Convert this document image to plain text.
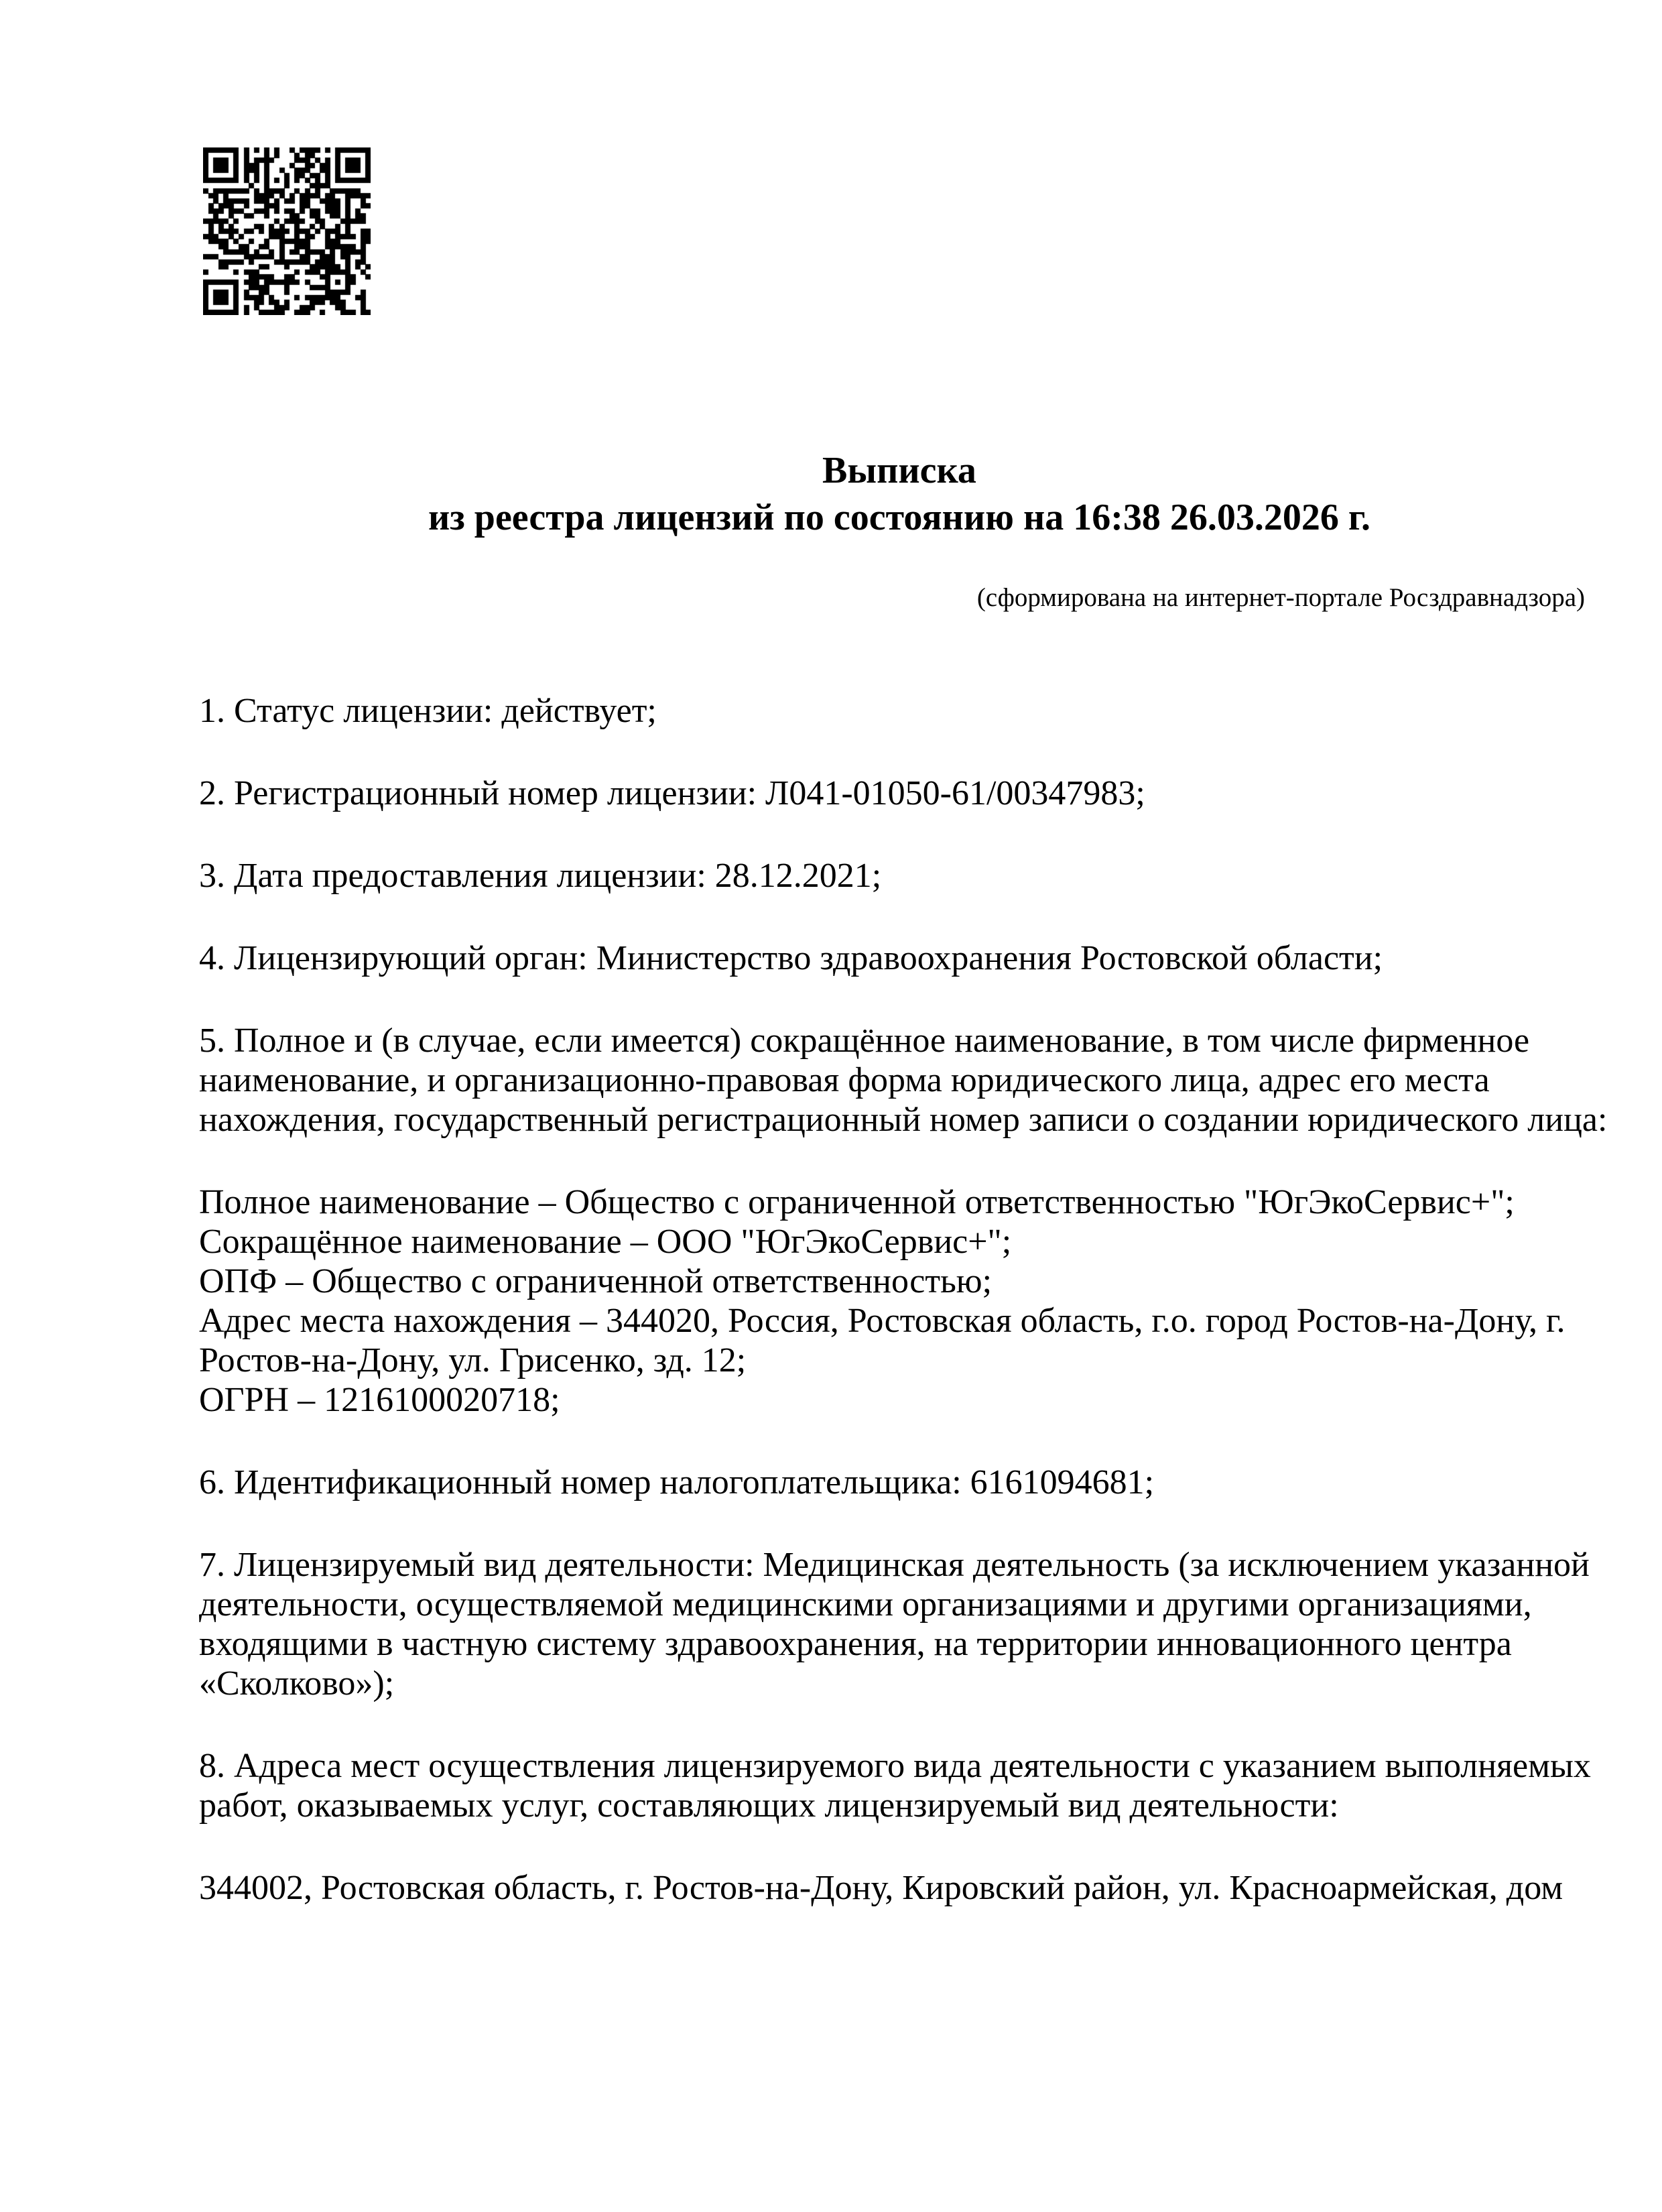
Выписка
из реестра лицензий по состоянию на 16:38 26.03.2026 г.
(сформирована на интернет-портале Росздравнадзора)

1. Статус лицензии: действует;

2. Регистрационный номер лицензии: Л041-01050-61/00347983;

3. Дата предоставления лицензии: 28.12.2021;

4. Лицензирующий орган: Министерство здравоохранения Ростовской области;

5. Полное и (в случае, если имеется) сокращённое наименование, в том числе фирменное
наименование, и организационно-правовая форма юридического лица, адрес его места
нахождения, государственный регистрационный номер записи о создании юридического лица:

Полное наименование – Общество с ограниченной ответственностью "ЮгЭкоСервис+";
Сокращённое наименование – ООО "ЮгЭкоСервис+";
ОПФ – Общество с ограниченной ответственностью;
Адрес места нахождения – 344020, Россия, Ростовская область, г.о. город Ростов-на-Дону, г.
Ростов-на-Дону, ул. Грисенко, зд. 12;
ОГРН – 1216100020718;

6. Идентификационный номер налогоплательщика: 6161094681;

7. Лицензируемый вид деятельности: Медицинская деятельность (за исключением указанной
деятельности, осуществляемой медицинскими организациями и другими организациями,
входящими в частную систему здравоохранения, на территории инновационного центра
«Сколково»);

8. Адреса мест осуществления лицензируемого вида деятельности с указанием выполняемых
работ, оказываемых услуг, составляющих лицензируемый вид деятельности:

344002, Ростовская область, г. Ростов-на-Дону, Кировский район, ул. Красноармейская, дом
